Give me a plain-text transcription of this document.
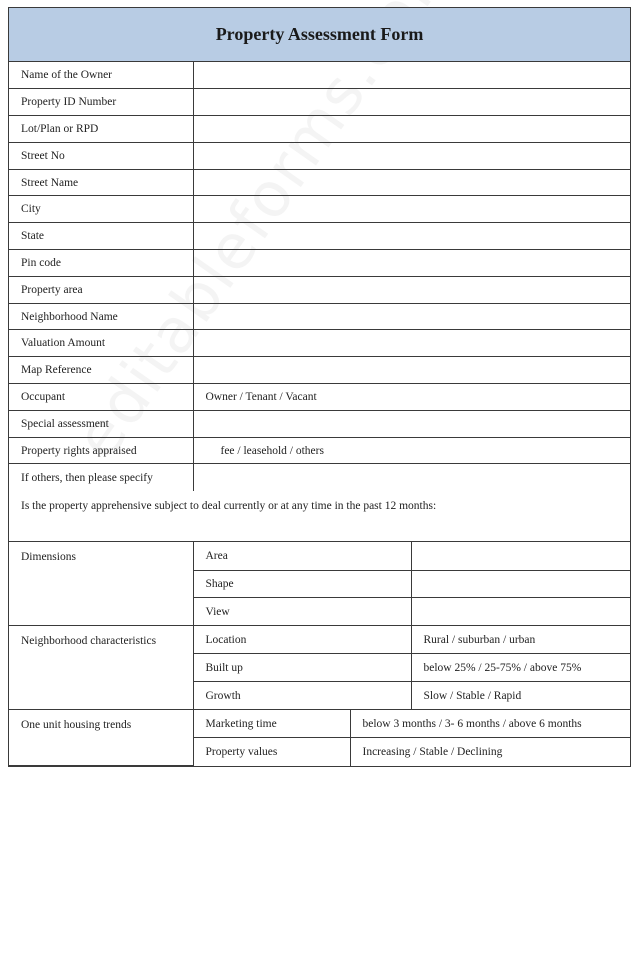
Property Assessment Form
Name of the Owner	
Property ID Number	
Lot/Plan or RPD	
Street No	
Street Name	
City	
State	
Pin code	
Property area	
Neighborhood Name	
Valuation Amount	
Map Reference	
Occupant	Owner / Tenant / Vacant
Special assessment	
Property rights appraised	fee / leasehold / others
If others, then please specify	
Is the property apprehensive subject to deal currently or at any time in the past 12 months:
Dimensions	Area	
	Shape	
	View	
Neighborhood characteristics	Location	Rural / suburban / urban
	Built up	below 25% / 25-75% / above 75%
	Growth	Slow / Stable / Rapid
One unit housing trends	Marketing time	below 3 months / 3- 6 months / above 6 months
	Property values	Increasing / Stable / Declining
